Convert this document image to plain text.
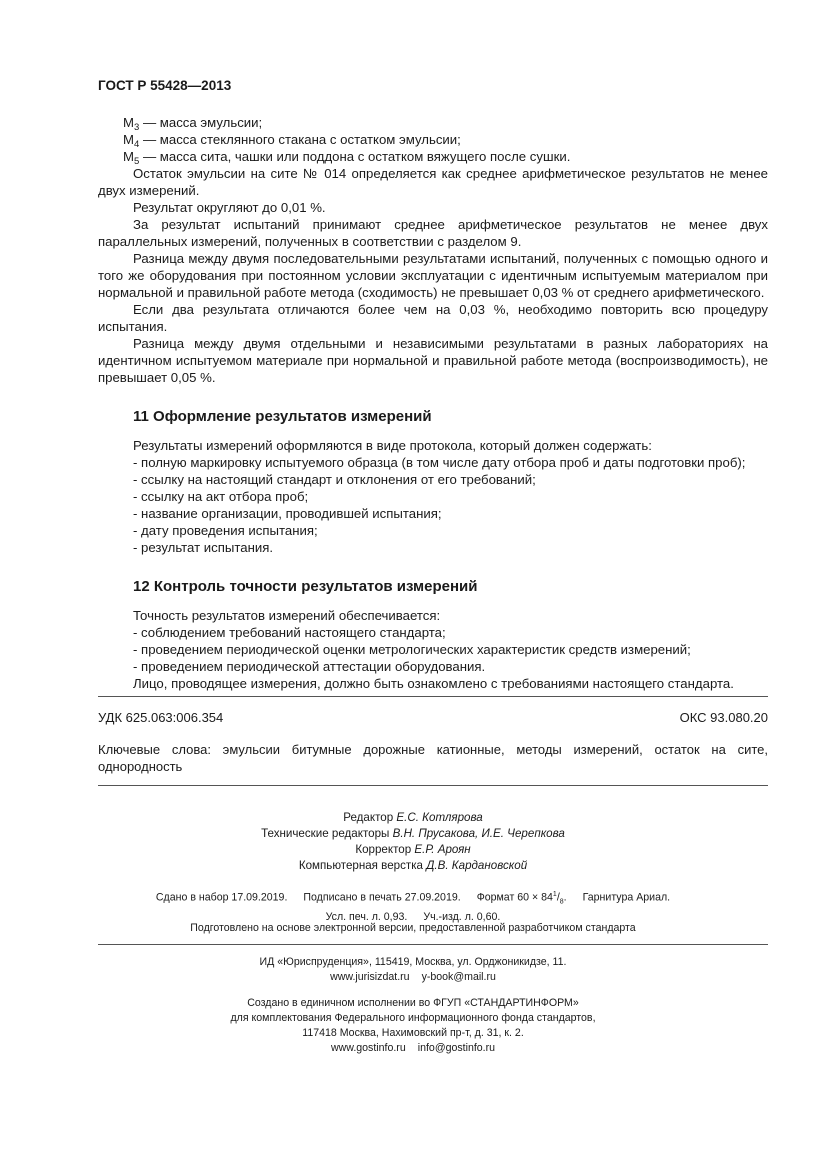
ГОСТ Р 55428—2013

$M_3$ — масса эмульсии;

$M_4$ — масса стеклянного стакана с остатком эмульсии;

$M_5$ — масса сита, чашки или поддона с остатком вяжущего после сушки.

Остаток эмульсии на сите № 014 определяется как среднее арифметическое результатов не менее двух измерений.

Результат округляют до 0,01 %.

За результат испытаний принимают среднее арифметическое результатов не менее двух параллельных измерений, полученных в соответствии с разделом 9.

Разница между двумя последовательными результатами испытаний, полученных с помощью одного и того же оборудования при постоянном условии эксплуатации с идентичным испытуемым материалом при нормальной и правильной работе метода (сходимость) не превышает 0,03 % от среднего арифметического.

Если два результата отличаются более чем на 0,03 %, необходимо повторить всю процедуру испытания.

Разница между двумя отдельными и независимыми результатами в разных лабораториях на идентичном испытуемом материале при нормальной и правильной работе метода (воспроизводимость), не превышает 0,05 %.

11 Оформление результатов измерений

Результаты измерений оформляются в виде протокола, который должен содержать:

- полную маркировку испытуемого образца (в том числе дату отбора проб и даты подготовки проб);
- ссылку на настоящий стандарт и отклонения от его требований;
- ссылку на акт отбора проб;
- название организации, проводившей испытания;
- дату проведения испытания;
- результат испытания.
12 Контроль точности результатов измерений

Точность результатов измерений обеспечивается:

- соблюдением требований настоящего стандарта;
- проведением периодической оценки метрологических характеристик средств измерений;
- проведением периодической аттестации оборудования.

Лицо, проводящее измерения, должно быть ознакомлено с требованиями настоящего стандарта.

УДК 625.063:006.354	ОКС 93.080.20
Ключевые слова: эмульсии битумные дорожные катионные, методы измерений, остаток на сите, однородность
Редактор Е.С. Котлярова
Технические редакторы В.Н. Прусакова, И.Е. Черепкова
Корректор Е.Р. Ароян
Компьютерная верстка Д.В. Кардановской
Сдано в набор 17.09.2019. Подписано в печать 27.09.2019. Формат $60 \times 84^1/_8$. Гарнитура Ариал.
Усл. печ. л. 0,93. Уч.-изд. л. 0,60.
Подготовлено на основе электронной версии, предоставленной разработчиком стандарта
ИД «Юриспруденция», 115419, Москва, ул. Орджоникидзе, 11.
www.jurisizdat.ru y-book@mail.ru
Создано в единичном исполнении во ФГУП «СТАНДАРТИНФОРМ»
для комплектования Федерального информационного фонда стандартов,
117418 Москва, Нахимовский пр-т, д. 31, к. 2.
www.gostinfo.ru info@gostinfo.ru
